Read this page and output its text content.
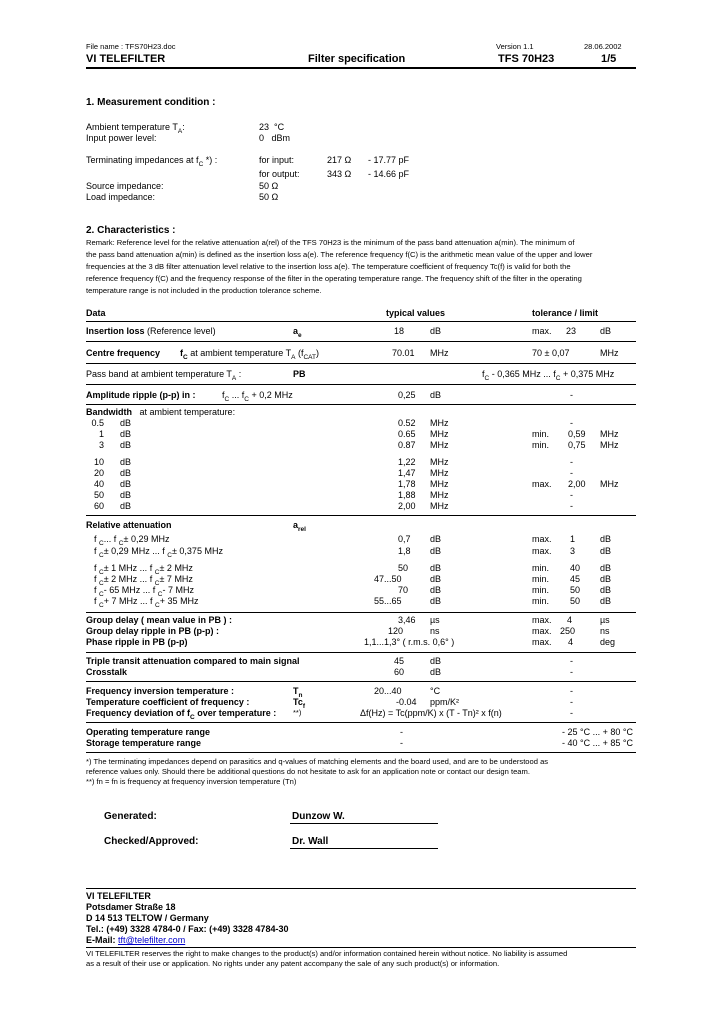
File name : TFS70H23.doc	Version 1.1	28.06.2002
VI TELEFILTER	Filter specification	TFS 70H23	1/5
1. Measurement condition :
Ambient temperature $T_A$:	23 °C
Input power level:	0 dBm
Terminating impedances at $f_C$ *) :	for input:	217 Ω - 17.77 pF
for output:	343 Ω - 14.66 pF
Source impedance:	50 Ω
Load impedance:	50 Ω
2. Characteristics :
Remark: Reference level for the relative attenuation a(rel) of the TFS 70H23 is the minimum of the pass band attenuation a(min). The minimum of
the pass band attenuation a(min) is defined as the insertion loss a(e). The reference frequency f(C) is the arithmetic mean value of the upper and lower
frequencies at the 3 dB filter attenuation level relative to the insertion loss a(e). The temperature coefficient of frequency Tc(f) is valid for both the
reference frequency f(C) and the frequency response of the filter in the operating temperature range. The frequency shift of the filter in the operating
temperature range is not included in the production tolerance scheme.
Data	typical values	tolerance / limit
Insertion loss (Reference level)	$a_e$	18	dB	max. 23	dB
Centre frequency $f_C$ at ambient temperature $T_A$ $(f_{CAT})$	70.01 MHz	70 ± 0,07	MHz
Pass band at ambient temperature $T_A$ :	PB	$f_C - 0,365$ MHz ... $f_C + 0,375$ MHz
Amplitude ripple (p-p) in :	$f_C$ ... $f_C + 0,2$ MHz	0,25 dB	-
Bandwidth at ambient temperature:
0.5 dB	0.52 MHz	-
1 dB	0.65 MHz	min. 0,59 MHz
3 dB	0.87 MHz	min. 0,75 MHz
10 dB	1,22 MHz	-
20 dB	1,47 MHz	-
40 dB	1,78 MHz	max. 2,00 MHz
50 dB	1,88 MHz	-
60 dB	2,00 MHz	-
Relative attenuation	$a_{rel}$
f $_C$... f $_C$± 0,29 MHz	0,7 dB	max. 1	dB
f $_C$± 0,29 MHz ... f $_C$± 0,375 MHz	1,8 dB	max. 3	dB
f $_C$± 1 MHz ... f $_C$± 2 MHz	50 dB	min. 40 dB
f $_C$± 2 MHz ... f $_C$± 7 MHz	47...50	dB	min. 45 dB
f $_C$- 65 MHz ... f $_C$- 7 MHz	70 dB	min. 50 dB
f $_C$+ 7 MHz ... f $_C$+ 35 MHz	55...65	dB	min. 50 dB
Group delay ( mean value in PB ) :	3,46 µs	max. 4	µs
Group delay ripple in PB (p-p) :	120	ns	max. 250	ns
Phase ripple in PB (p-p)	1,1...1,3° ( r.m.s. 0,6° )	max. 4	deg
Triple transit attenuation compared to main signal	45	dB	-
Crosstalk	60	dB	-
Frequency inversion temperature :	$T_n$	20...40	°C	-
Temperature coefficient of frequency :	$Tc_f$	-0.04 ppm/K²	-
Frequency deviation of $f_C$ over temperature : **)	Δf(Hz) = Tc(ppm/K) x (T - Tn)² x f(n)	-
Operating temperature range	-	- 25 °C ... + 80 °C
Storage temperature range	-	- 40 °C ... + 85 °C
*) The terminating impedances depend on parasitics and q-values of matching elements and the board used, and are to be understood as
reference values only. Should there be additional questions do not hesitate to ask for an application note or contact our design team.
**) fn = fn is frequency at frequency inversion temperature (Tn)
Generated:	Dunzow W.
Checked/Approved:	Dr. Wall
VI TELEFILTER
Potsdamer Straße 18
D 14 513 TELTOW / Germany
Tel.: (+49) 3328 4784-0 / Fax: (+49) 3328 4784-30
E-Mail: tft@telefilter.com
VI TELEFILTER reserves the right to make changes to the product(s) and/or information contained herein without notice. No liability is assumed
as a result of their use or application. No rights under any patent accompany the sale of any such product(s) or information.
